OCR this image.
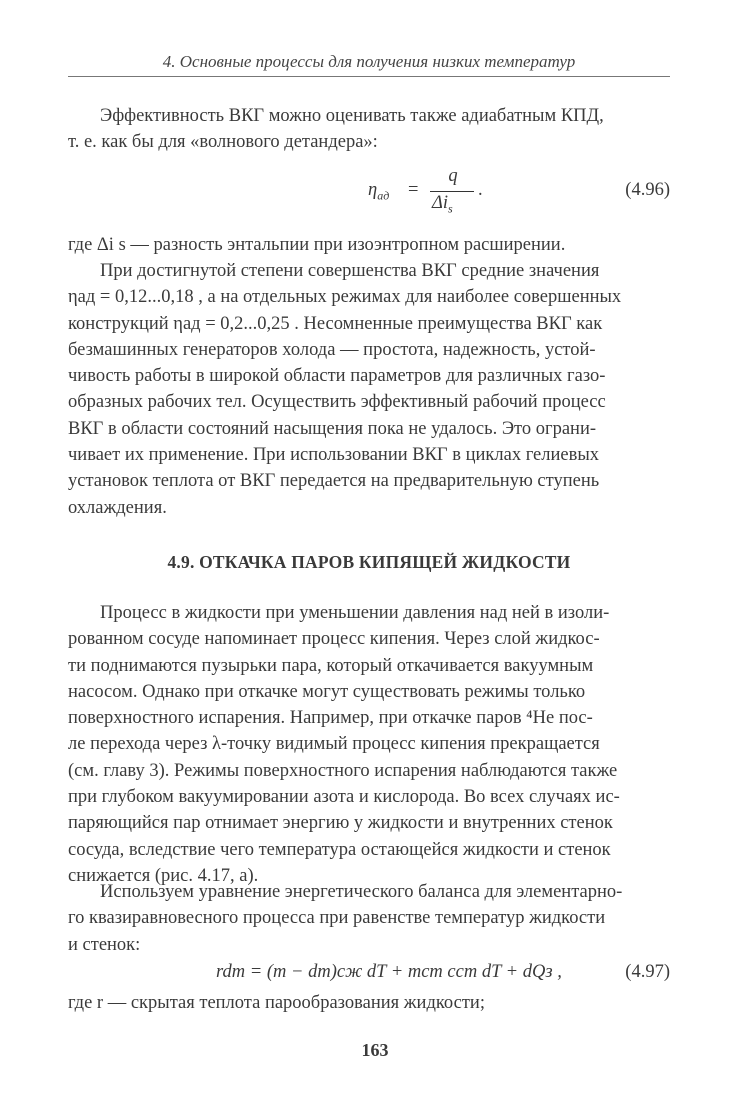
4. Основные процессы для получения низких температур

Эффективность ВКГ можно оценивать также адиабатным КПД,

т. е. как бы для «волнового детандера»:

$\eta_{ад}$ =
q
$\Delta i_s$
.	(4.96)

где Δi s — разность энтальпии при изоэнтропном расширении.

При достигнутой степени совершенства ВКГ средние значения

ηад = 0,12...0,18 , а на отдельных режимах для наиболее совершенных

конструкций ηад = 0,2...0,25 . Несомненные преимущества ВКГ как

безмашинных генераторов холода — простота, надежность, устой-

чивость работы в широкой области параметров для различных газо-

образных рабочих тел. Осуществить эффективный рабочий процесс

ВКГ в области состояний насыщения пока не удалось. Это ограни-

чивает их применение. При использовании ВКГ в циклах гелиевых

установок теплота от ВКГ передается на предварительную ступень

охлаждения.

4.9. ОТКАЧКА ПАРОВ КИПЯЩЕЙ ЖИДКОСТИ

Процесс в жидкости при уменьшении давления над ней в изоли-

рованном сосуде напоминает процесс кипения. Через слой жидкос-

ти поднимаются пузырьки пара, который откачивается вакуумным

насосом. Однако при откачке могут существовать режимы только

поверхностного испарения. Например, при откачке паров ⁴He пос-

ле перехода через λ-точку видимый процесс кипения прекращается

(см. главу 3). Режимы поверхностного испарения наблюдаются также

при глубоком вакуумировании азота и кислорода. Во всех случаях ис-

паряющийся пар отнимает энергию у жидкости и внутренних стенок

сосуда, вследствие чего температура остающейся жидкости и стенок

снижается (рис. 4.17, а).

Используем уравнение энергетического баланса для элементарно-

го квазиравновесного процесса при равенстве температур жидкости

и стенок:

rdm = (m − dm)cж dT + mст cст dT + dQз ,	(4.97)
где r — скрытая теплота парообразования жидкости;
163
